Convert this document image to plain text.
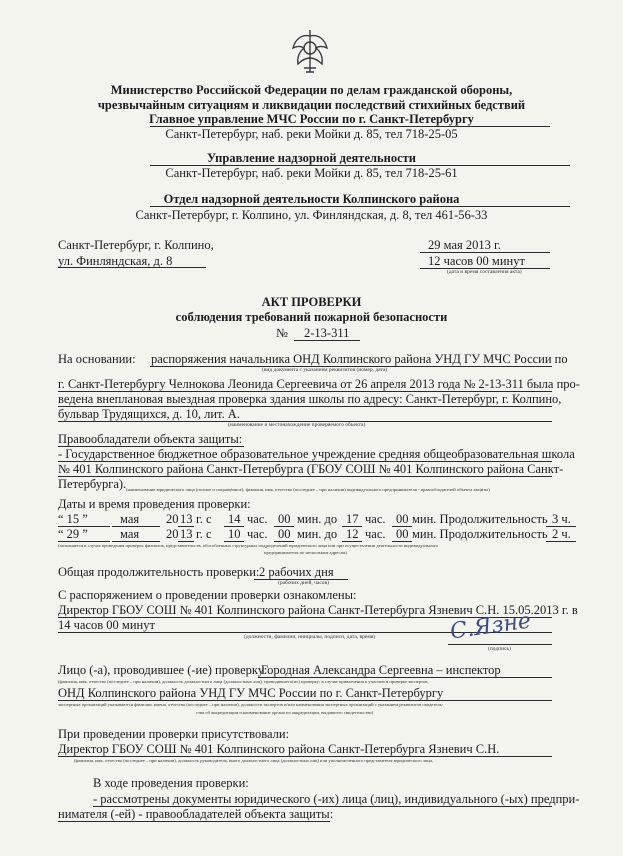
Министерство Российской Федерации по делам гражданской обороны,
чрезвычайным ситуациям и ликвидации последствий стихийных бедствий
Главное управление МЧС России по г. Санкт-Петербургу
Санкт-Петербург, наб. реки Мойки д. 85, тел 718-25-05
Управление надзорной деятельности
Санкт-Петербург, наб. реки Мойки д. 85, тел 718-25-61
Отдел надзорной деятельности Колпинского района
Санкт-Петербург, г. Колпино, ул. Финляндская, д. 8, тел 461-56-33
Санкт-Петербург, г. Колпино,
ул. Финляндская, д. 8
29 мая 2013 г.
12 часов 00 минут
(дата и время составления акта)
АКТ ПРОВЕРКИ
соблюдения требований пожарной безопасности
№ 2-13-311
На основании: распоряжения начальника ОНД Колпинского района УНД ГУ МЧС России по
(вид документа с указанием реквизитов (номер, дата)
г. Санкт-Петербургу Челнокова Леонида Сергеевича от 26 апреля 2013 года № 2-13-311 была про-
ведена внеплановая выездная проверка здания школы по адресу: Санкт-Петербург, г. Колпино,
бульвар Трудящихся, д. 10, лит. А.
(наименование и местонахождение проверяемого объекта)
Правообладатели объекта защиты:
- Государственное бюджетное образовательное учреждение средняя общеобразовательная школа
№ 401 Колпинского района Санкт-Петербурга (ГБОУ СОШ № 401 Колпинского района Санкт-
Петербурга). (наименование юридического лица (полное и сокращённое), фамилия, имя, отчество (последнее – при наличии) индивидуального предпринимателя - правообладателей объекта защиты)
Даты и время проведения проверки:
“ 15 ”	мая 20 13 г. с 14 час. 00 мин. до 17 час. 00 мин. Продолжительность 3 ч.
“ 29 ”	мая 20 13 г. с 10 час. 00 мин. до 12 час. 00 мин. Продолжительность 2 ч.
(заполняется в случае проведения проверок филиалов, представительств, обособленных структурных подразделений юридического лица или при осуществлении деятельности индивидуального
предпринимателя по нескольким адресам)
Общая продолжительность проверки: 2 рабочих дня
(рабочих дней, часов)
С распоряжением о проведении проверки ознакомлены:
Директор ГБОУ СОШ № 401 Колпинского района Санкт-Петербурга Язневич С.Н. 15.05.2013 г. в
14 часов 00 минут
(должности, фамилии, инициалы, подписи, дата, время)	С.Язне
(подпись)
Лицо (-а), проводившее (-ие) проверку:
Городная Александра Сергеевна – инспектор
(фамилия, имя, отчество (последнее – при наличии), должность должностного лица (должностных лиц), проводившего(их) проверку; в случае привлечения к участию в проверке экспертов,
ОНД Колпинского района УНД ГУ МЧС России по г. Санкт-Петербургу
экспертных организаций указываются фамилии, имена, отчества (последнее – при наличии), должности экспертов и/или наименования экспертных организаций с указанием реквизитов свидетель-
ства об аккредитации и наименование органа по аккредитации, выдавшего свидетельство)
При проведении проверки присутствовали:
Директор ГБОУ СОШ № 401 Колпинского района Санкт-Петербурга Язневич С.Н.
(фамилия, имя, отчество (последнее – при наличии), должность руководителя, иного должностного лица (должностных лиц) или уполномоченного представителя юридического лица,
В ходе проведения проверки:
- рассмотрены документы юридического (-их) лица (лиц), индивидуального (-ых) предпри-
нимателя (-ей) - правообладателей объекта защиты:
